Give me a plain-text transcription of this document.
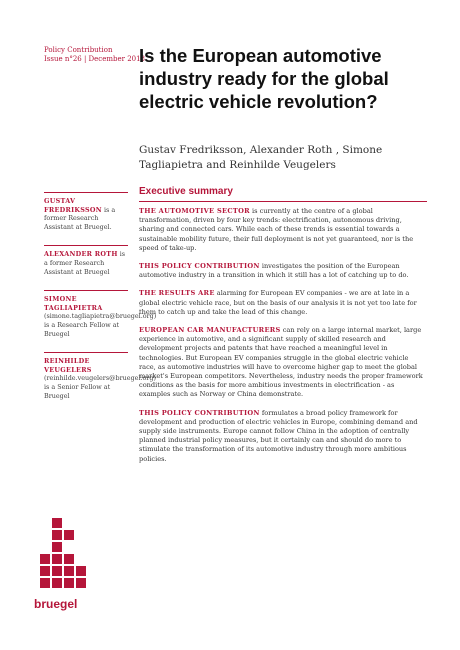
Policy Contribution
Issue n°26 | December 2018
Is the European automotive industry ready for the global electric vehicle revolution?
Gustav Fredriksson, Alexander Roth , Simone Tagliapietra and Reinhilde Veugelers
GUSTAV FREDRIKSSON is a former Research Assistant at Bruegel.
ALEXANDER ROTH is a former Research Assistant at Bruegel
SIMONE TAGLIAPIETRA (simone.tagliapietra@bruegel.org) is a Research Fellow at Bruegel
REINHILDE VEUGELERS (reinhilde.veugelers@bruegel.org) is a Senior Fellow at Bruegel
Executive summary

THE AUTOMOTIVE SECTOR is currently at the centre of a global transformation, driven by four key trends: electrification, autonomous driving, sharing and connected cars. While each of these trends is essential towards a sustainable mobility future, their full deployment is not yet guaranteed, nor is the speed of take-up.

THIS POLICY CONTRIBUTION investigates the position of the European automotive industry in a transition in which it still has a lot of catching up to do.

THE RESULTS ARE alarming for European EV companies - we are at late in a global electric vehicle race, but on the basis of our analysis it is not yet too late for them to catch up and take the lead of this change.

EUROPEAN CAR MANUFACTURERS can rely on a large internal market, large experience in automotive, and a significant supply of skilled research and development projects and patents that have reached a meaningful level in technologies. But European EV companies struggle in the global electric vehicle race, as automotive industries will have to overcome higher gap to meet the global market's European competitors. Nevertheless, industry needs the proper framework conditions as the basis for more ambitious investments in electrification - as examples such as Norway or China demonstrate.

THIS POLICY CONTRIBUTION formulates a broad policy framework for development and production of electric vehicles in Europe, combining demand and supply side instruments. Europe cannot follow China in the adoption of centrally planned industrial policy measures, but it certainly can and should do more to stimulate the transformation of its automotive industry through more ambitious policies.

bruegel
